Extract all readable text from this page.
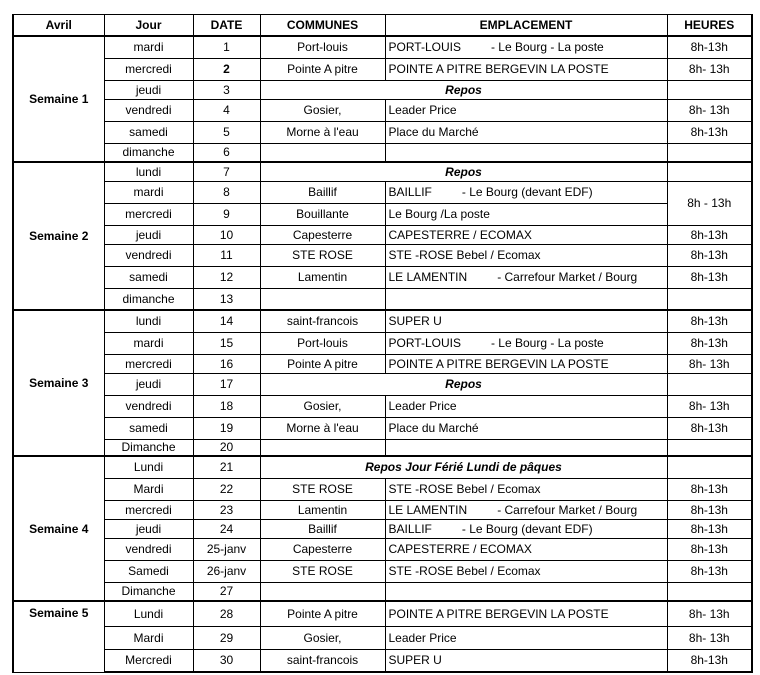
Avril	Jour	DATE	COMMUNES	EMPLACEMENT	HEURES
Semaine 1	mardi	1	Port-louis	PORT-LOUIS - Le Bourg - La poste	8h-13h
	mercredi	2	Pointe A pitre	POINTE A PITRE BERGEVIN LA POSTE	8h- 13h
	jeudi	3	Repos		
	vendredi	4	Gosier,	Leader Price	8h- 13h
	samedi	5	Morne à l'eau	Place du Marché	8h-13h
	dimanche	6			
Semaine 2	lundi	7	Repos		
	mardi	8	Baillif	BAILLIF - Le Bourg (devant EDF)	8h - 13h
	mercredi	9	Bouillante	Le Bourg /La poste	
	jeudi	10	Capesterre	CAPESTERRE / ECOMAX	8h-13h
	vendredi	11	STE ROSE	STE -ROSE Bebel / Ecomax	8h-13h
	samedi	12	Lamentin	LE LAMENTIN - Carrefour Market / Bourg	8h-13h
	dimanche	13			
Semaine 3	lundi	14	saint-francois	SUPER U	8h-13h
	mardi	15	Port-louis	PORT-LOUIS - Le Bourg - La poste	8h-13h
	mercredi	16	Pointe A pitre	POINTE A PITRE BERGEVIN LA POSTE	8h- 13h
	jeudi	17	Repos		
	vendredi	18	Gosier,	Leader Price	8h- 13h
	samedi	19	Morne à l'eau	Place du Marché	8h-13h
	Dimanche	20			
Semaine 4	Lundi	21	Repos Jour Férié Lundi de pâques		
	Mardi	22	STE ROSE	STE -ROSE Bebel / Ecomax	8h-13h
	mercredi	23	Lamentin	LE LAMENTIN - Carrefour Market / Bourg	8h-13h
	jeudi	24	Baillif	BAILLIF - Le Bourg (devant EDF)	8h-13h
	vendredi	25-janv	Capesterre	CAPESTERRE / ECOMAX	8h-13h
	Samedi	26-janv	STE ROSE	STE -ROSE Bebel / Ecomax	8h-13h
	Dimanche	27			
Semaine 5	Lundi	28	Pointe A pitre	POINTE A PITRE BERGEVIN LA POSTE	8h- 13h
	Mardi	29	Gosier,	Leader Price	8h- 13h
	Mercredi	30	saint-francois	SUPER U	8h-13h
